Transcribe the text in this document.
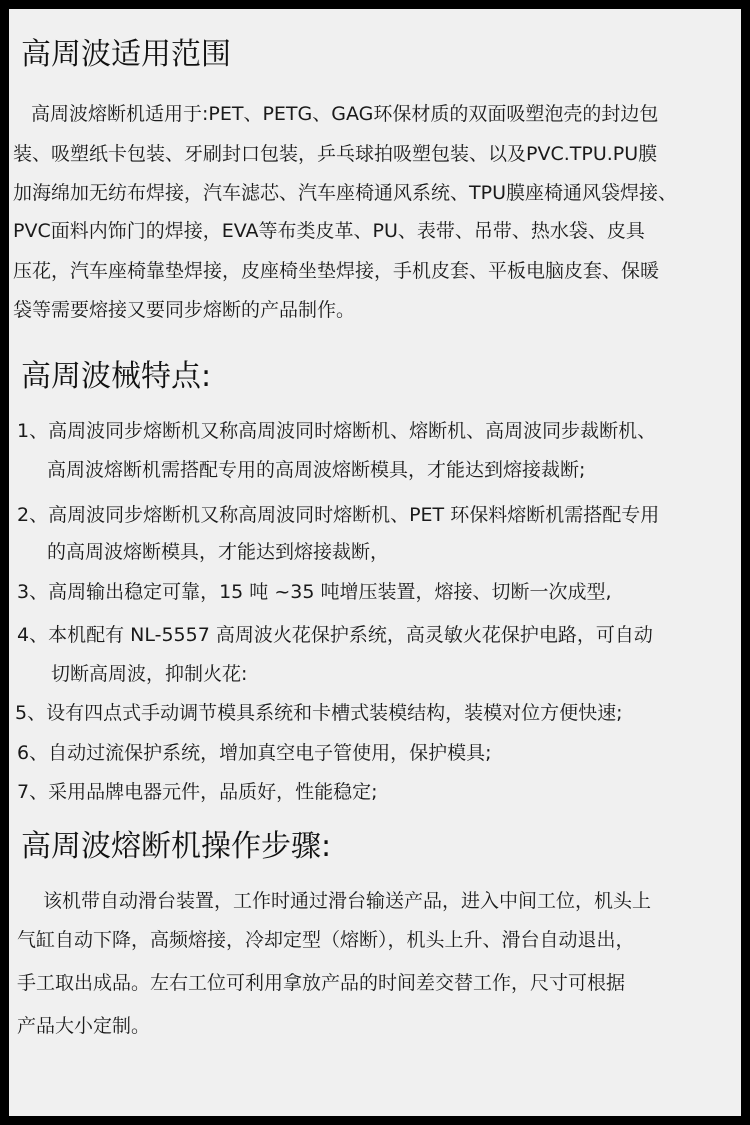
高周波适用范围
高周波熔断机适用于:PET、PETG、GAG环保材质的双面吸塑泡壳的封边包
装、吸塑纸卡包装、牙刷封口包装，乒乓球拍吸塑包装、以及PVC.TPU.PU膜
加海绵加无纺布焊接，汽车滤芯、汽车座椅通风系统、TPU膜座椅通风袋焊接、
PVC面料内饰门的焊接，EVA等布类皮革、PU、表带、吊带、热水袋、皮具
压花，汽车座椅靠垫焊接，皮座椅坐垫焊接，手机皮套、平板电脑皮套、保暖
袋等需要熔接又要同步熔断的产品制作。
高周波械特点:
1、高周波同步熔断机又称高周波同时熔断机、熔断机、高周波同步裁断机、
高周波熔断机需搭配专用的高周波熔断模具，才能达到熔接裁断;
2、高周波同步熔断机又称高周波同时熔断机、PET 环保料熔断机需搭配专用
的高周波熔断模具，才能达到熔接裁断，
3、高周输出稳定可靠，15 吨 ~35 吨增压装置，熔接、切断一次成型,
4、本机配有 NL-5557 高周波火花保护系统，高灵敏火花保护电路，可自动
切断高周波，抑制火花:
5、设有四点式手动调节模具系统和卡槽式装模结构，装模对位方便快速;
6、自动过流保护系统，增加真空电子管使用，保护模具;
7、采用品牌电器元件，品质好，性能稳定;
高周波熔断机操作步骤:
该机带自动滑台装置，工作时通过滑台输送产品，进入中间工位，机头上
气缸自动下降，高频熔接，冷却定型（熔断），机头上升、滑台自动退出，
手工取出成品。左右工位可利用拿放产品的时间差交替工作，尺寸可根据
产品大小定制。
